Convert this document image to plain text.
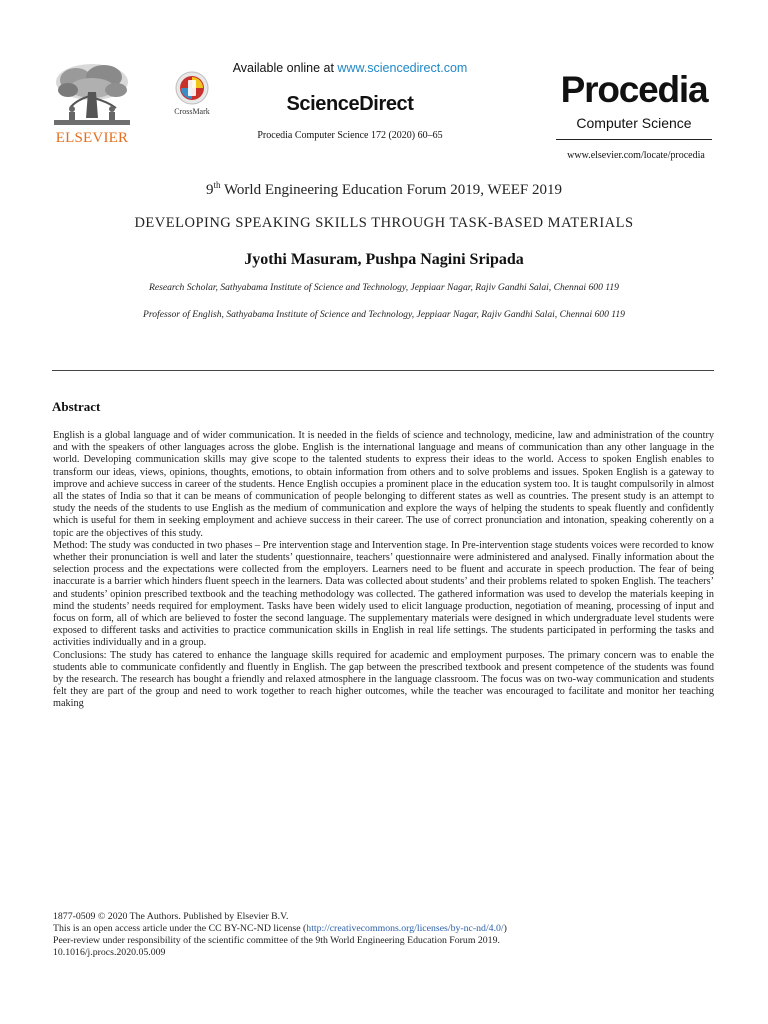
ELSEVIER
CrossMark
Available online at www.sciencedirect.com
ScienceDirect
Procedia Computer Science 172 (2020) 60–65
Procedia
Computer Science
www.elsevier.com/locate/procedia
9th World Engineering Education Forum 2019, WEEF 2019
DEVELOPING SPEAKING SKILLS THROUGH TASK-BASED MATERIALS
Jyothi Masuram, Pushpa Nagini Sripada
Research Scholar, Sathyabama Institute of Science and Technology, Jeppiaar Nagar, Rajiv Gandhi Salai, Chennai 600 119
Professor of English, Sathyabama Institute of Science and Technology, Jeppiaar Nagar, Rajiv Gandhi Salai, Chennai 600 119
Abstract

English is a global language and of wider communication. It is needed in the fields of science and technology, medicine, law and administration of the country and with the speakers of other languages across the globe. English is the international language and means of communication than any other language in the world. Developing communication skills may give scope to the talented students to express their ideas to the world. Access to spoken English enables to transform our ideas, views, opinions, thoughts, emotions, to obtain information from others and to solve problems and issues. Spoken English is a gateway to improve and achieve success in career of the students. Hence English occupies a prominent place in the education system too. It is taught compulsorily in almost all the states of India so that it can be means of communication of people belonging to different states as well as countries. The present study is an attempt to study the needs of the students to use English as the medium of communication and explore the ways of helping the students to speak fluently and confidently which is useful for them in seeking employment and achieve success in their career. The use of correct pronunciation and intonation, speaking coherently on a topic are the objectives of this study.

Method: The study was conducted in two phases – Pre intervention stage and Intervention stage. In Pre-intervention stage students voices were recorded to know whether their pronunciation is well and later the students’ questionnaire, teachers’ questionnaire were administered and analysed. Finally information about the selection process and the expectations were collected from the employers. Learners need to be fluent and accurate in speech production. The fear of being inaccurate is a barrier which hinders fluent speech in the learners. Data was collected about students’ and their problems related to spoken English. The teachers’ and students’ opinion prescribed textbook and the teaching methodology was collected. The gathered information was used to develop the materials keeping in mind the students’ needs required for employment. Tasks have been widely used to elicit language production, negotiation of meaning, processing of input and focus on form, all of which are believed to foster the second language. The supplementary materials were designed in which undergraduate level students were exposed to different tasks and activities to practice communication skills in English in real life settings. The students participated in performing the tasks and activities individually and in a group.

Conclusions: The study has catered to enhance the language skills required for academic and employment purposes. The primary concern was to enable the students able to communicate confidently and fluently in English. The gap between the prescribed textbook and present competence of the students was found by the research. The research has bought a friendly and relaxed atmosphere in the language classroom. The focus was on two-way communication and students felt they are part of the group and need to work together to reach higher outcomes, while the teacher was encouraged to facilitate and monitor her teaching making

1877-0509 © 2020 The Authors. Published by Elsevier B.V.
This is an open access article under the CC BY-NC-ND license (http://creativecommons.org/licenses/by-nc-nd/4.0/)
Peer-review under responsibility of the scientific committee of the 9th World Engineering Education Forum 2019.
10.1016/j.procs.2020.05.009
